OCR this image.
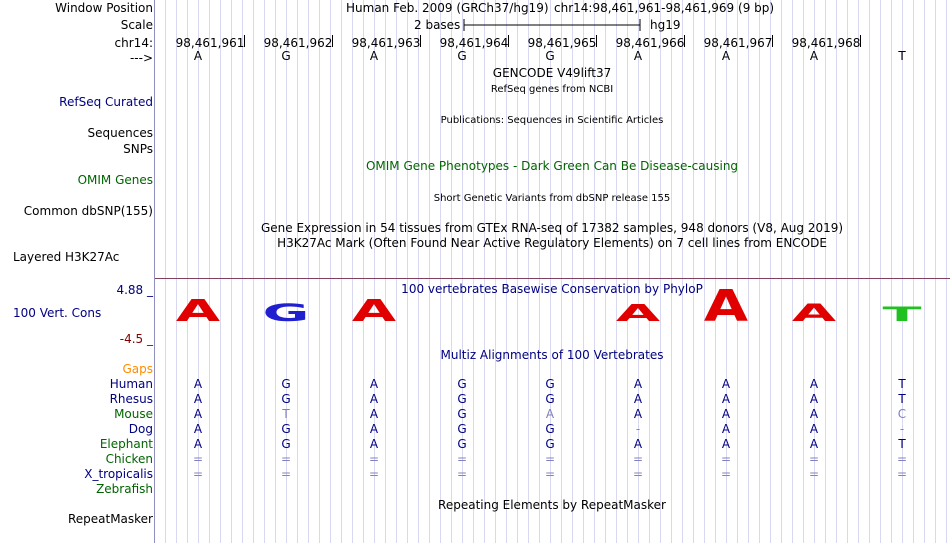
Window Position
Scale
chr14:
--->
Human Feb. 2009 (GRCh37/hg19) chr14:98,461,961-98,461,969 (9 bp)
2 bases	hg19
98,461,961 98,461,962 98,461,963 98,461,964 98,461,965 98,461,966 98,461,967 98,461,968
A	G	A	G	G	A	A	A	T
GENCODE V49lift37
RefSeq genes from NCBI
RefSeq Curated
Publications: Sequences in Scientific Articles
Sequences
SNPs
OMIM Gene Phenotypes - Dark Green Can Be Disease-causing
OMIM Genes
Short Genetic Variants from dbSNP release 155
Common dbSNP(155)
Gene Expression in 54 tissues from GTEx RNA-seq of 17382 samples, 948 donors (V8, Aug 2019)
H3K27Ac Mark (Often Found Near Active Regulatory Elements) on 7 cell lines from ENCODE
Layered H3K27Ac
4.88 _	100 vertebrates Basewise Conservation by PhyloP
100 Vert. Cons
-4.5 _
A G A	A A A T
Multiz Alignments of 100 Vertebrates
Gaps
Human	A	G	A	G	G	A	A	A	T
Rhesus	A	G	A	G	G	A	A	A	T
Mouse	A	T	A	G	A	A	A	A	C
Dog	A	G	A	G	G	-	A	A	-
Elephant	A	G	A	G	G	A	A	A	T
Chicken	=	=	=	=	=	=	=	=	=
X_tropicalis	=	=	=	=	=	=	=	=	=
Zebrafish
Repeating Elements by RepeatMasker
RepeatMasker
